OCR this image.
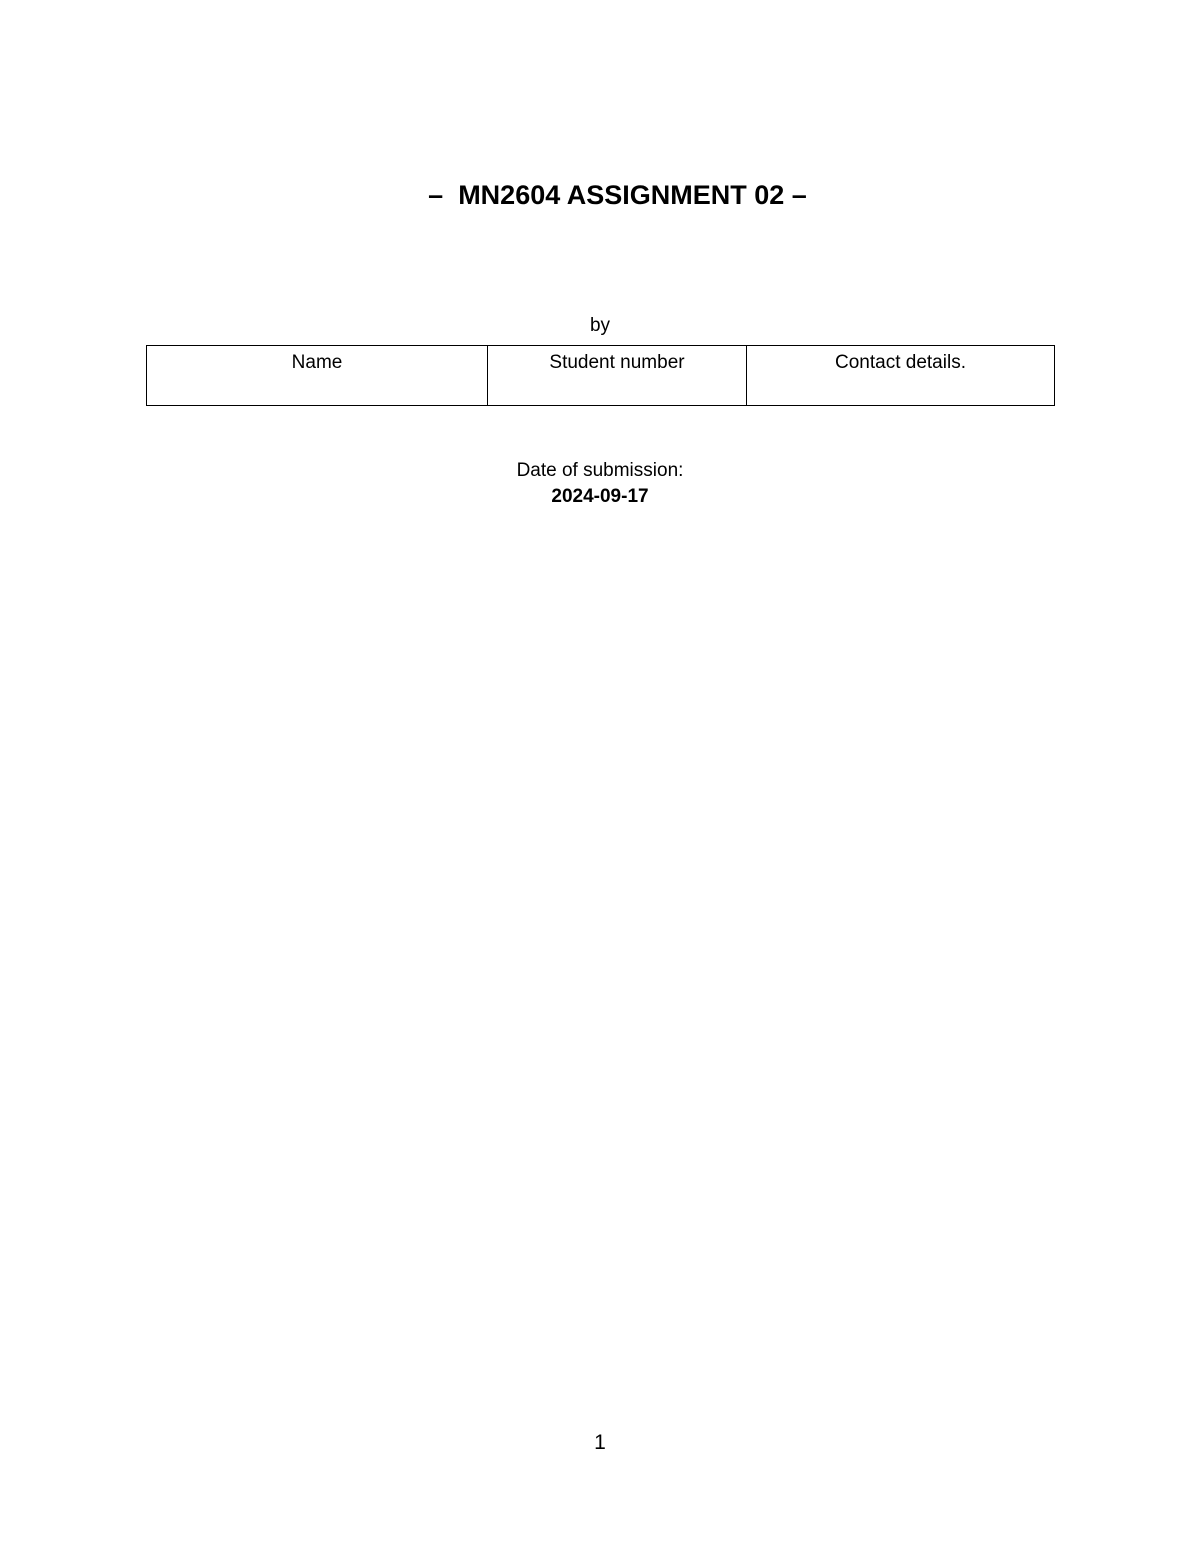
–  MN2604 ASSIGNMENT 02 –
by
Name	Student number	Contact details.
Date of submission:
2024-09-17
1
